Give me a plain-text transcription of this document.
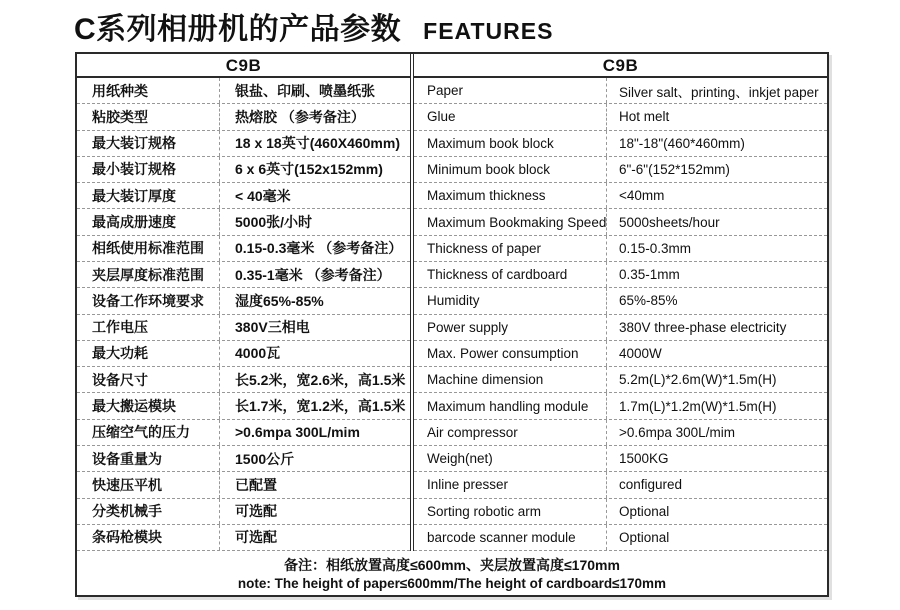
C系列相册机的产品参数 FEATURES
C9B
用纸种类	银盐、印刷、喷墨纸张
粘胶类型	热熔胶 （参考备注）
最大装订规格	18 x 18英寸(460X460mm)
最小装订规格	6 x 6英寸(152x152mm)
最大装订厚度	< 40毫米
最高成册速度	5000张/小时
相纸使用标准范围	0.15-0.3毫米 （参考备注）
夹层厚度标准范围	0.35-1毫米 （参考备注）
设备工作环境要求	湿度65%-85%
工作电压	380V三相电
最大功耗	4000瓦
设备尺寸	长5.2米，宽2.6米，高1.5米
最大搬运模块	长1.7米，宽1.2米，高1.5米
压缩空气的压力	>0.6mpa 300L/mim
设备重量为	1500公斤
快速压平机	已配置
分类机械手	可选配
条码枪模块	可选配
C9B
Paper	Silver salt、printing、inkjet paper
Glue	Hot melt
Maximum book block	18"-18"(460*460mm)
Minimum book block	6"-6"(152*152mm)
Maximum thickness	<40mm
Maximum Bookmaking Speed 5000sheets/hour
Thickness of paper	0.15-0.3mm
Thickness of cardboard	0.35-1mm
Humidity	65%-85%
Power supply	380V three-phase electricity
Max. Power consumption	4000W
Machine dimension	5.2m(L)*2.6m(W)*1.5m(H)
Maximum handling module	1.7m(L)*1.2m(W)*1.5m(H)
Air compressor	>0.6mpa 300L/mim
Weigh(net)	1500KG
Inline presser	configured
Sorting robotic arm	Optional
barcode scanner module	Optional
备注：相纸放置高度≤600mm、夹层放置高度≤170mm
note: The height of paper≤600mm/The height of cardboard≤170mm
